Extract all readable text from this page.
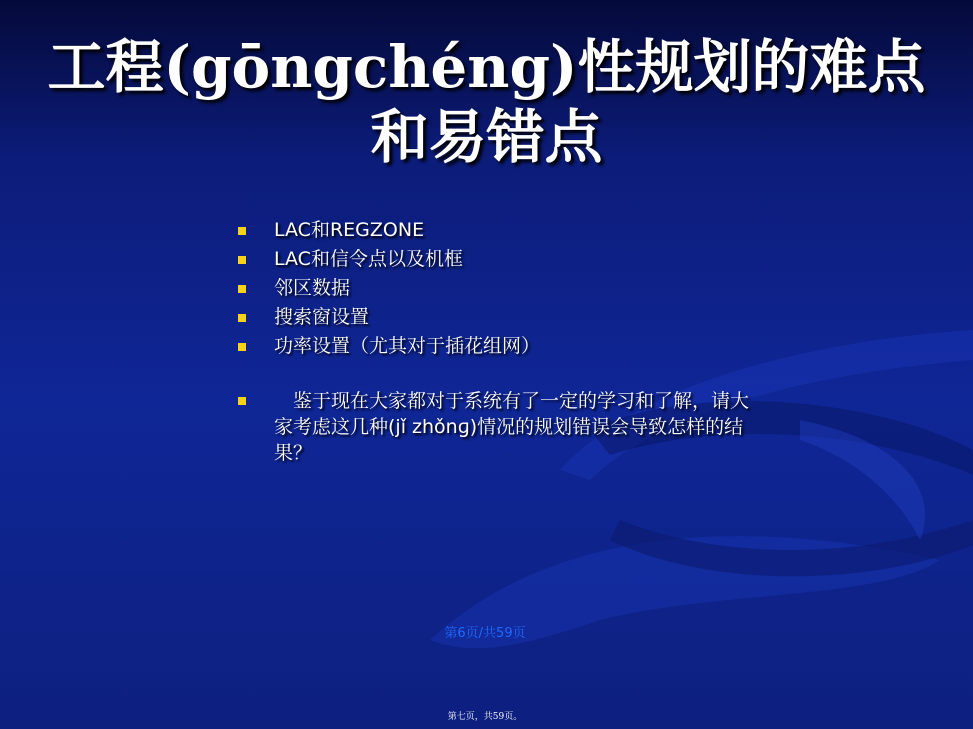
工程(gōngchéng)性规划的难点
和易错点
LAC和REGZONE
LAC和信令点以及机框
邻区数据
搜索窗设置
功率设置（尤其对于插花组网）
　鉴于现在大家都对于系统有了一定的学习和了解，请大家考虑这几种(jǐ zhǒnɡ)情况的规划错误会导致怎样的结果？
第6页/共59页
第七页，共59页。
